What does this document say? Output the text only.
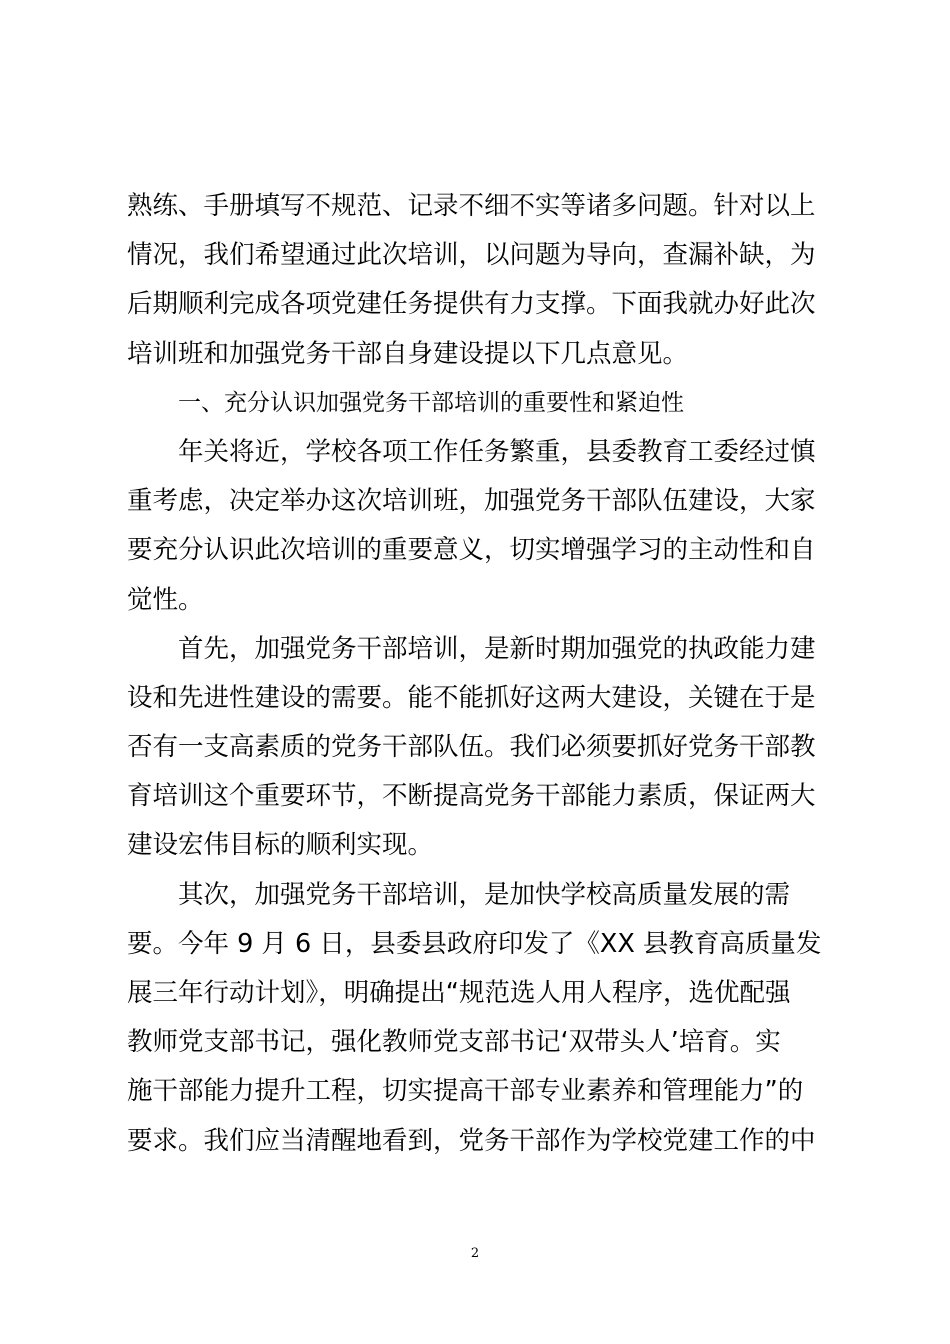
熟练、手册填写不规范、记录不细不实等诸多问题。针对以上
情况，我们希望通过此次培训，以问题为导向，查漏补缺，为
后期顺利完成各项党建任务提供有力支撑。下面我就办好此次
培训班和加强党务干部自身建设提以下几点意见。
一、充分认识加强党务干部培训的重要性和紧迫性
年关将近，学校各项工作任务繁重，县委教育工委经过慎
重考虑，决定举办这次培训班，加强党务干部队伍建设，大家
要充分认识此次培训的重要意义，切实增强学习的主动性和自
觉性。
首先，加强党务干部培训，是新时期加强党的执政能力建
设和先进性建设的需要。能不能抓好这两大建设，关键在于是
否有一支高素质的党务干部队伍。我们必须要抓好党务干部教
育培训这个重要环节，不断提高党务干部能力素质，保证两大
建设宏伟目标的顺利实现。
其次，加强党务干部培训，是加快学校高质量发展的需
要。今年 9 月 6 日，县委县政府印发了《XX 县教育高质量发
展三年行动计划》，明确提出“规范选人用人程序，选优配强
教师党支部书记，强化教师党支部书记‘双带头人’培育。实
施干部能力提升工程，切实提高干部专业素养和管理能力”的
要求。我们应当清醒地看到，党务干部作为学校党建工作的中
2
